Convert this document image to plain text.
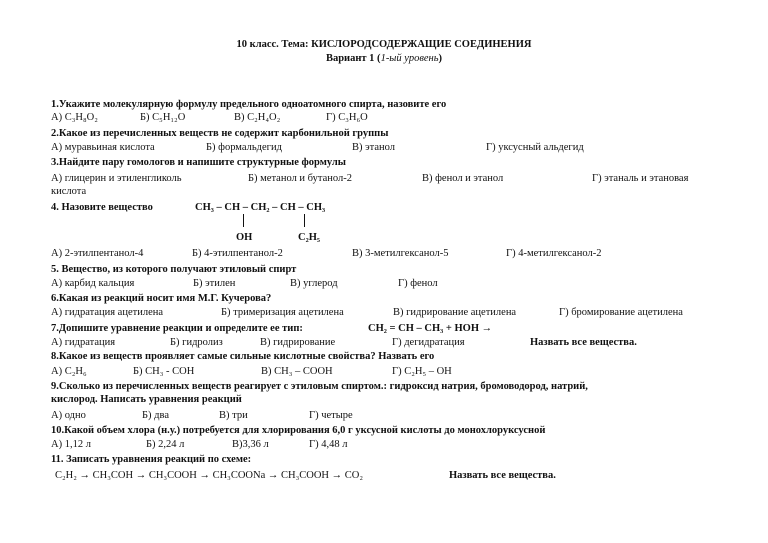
10 класс. Тема: КИСЛОРОДСОДЕРЖАЩИЕ СОЕДИНЕНИЯ
Вариант 1 (1-ый уровень)
1.Укажите молекулярную формулу предельного одноатомного спирта, назовите его
А) С₃Н₈О₂	Б) С₅Н₁₂О	В) С₂Н₄О₂	Г) С₃Н₆О
2.Какое из перечисленных веществ не содержит карбонильной группы
А) муравьиная кислота	Б) формальдегид	В) этанол	Г) уксусный альдегид
3.Найдите пару гомологов и напишите структурные формулы
А) глицерин и этиленгликоль	Б) метанол и бутанол-2	В) фенол и этанол	Г) этаналь и этановая
кислота
4. Назовите вещество	CH₃ – CH – CH₂ – CH – CH₃
OH	C₂H₅
А) 2-этилпентанол-4	Б) 4-этилпентанол-2	В) 3-метилгексанол-5	Г) 4-метилгексанол-2
5. Вещество, из которого получают этиловый спирт
А) карбид кальция	Б) этилен	В) углерод	Г) фенол
6.Какая из реакций носит имя М.Г. Кучерова?
А) гидратация ацетилена	Б) тримеризация ацетилена	В) гидрирование ацетилена	Г) бромирование ацетилена
7.Допишите уравнение реакции и определите ее тип:	CH₂ = CH – CH₃ + HOH →
А) гидратация	Б) гидролиз	В) гидрирование	Г) дегидратация	Назвать все вещества.
8.Какое из веществ проявляет самые сильные кислотные свойства? Назвать его
А) С₂Н₆	Б) СН₃ - СОН	В) СН₃ – СООН	Г) С₂Н₅ – ОН
9.Сколько из перечисленных веществ реагирует с этиловым спиртом.: гидроксид натрия, бромоводород, натрий,
кислород. Написать уравнения реакций
А) одно	Б) два	В) три	Г) четыре
10.Какой объем хлора (н.у.) потребуется для хлорирования 6,0 г уксусной кислоты до монохлоруксусной
А) 1,12 л	Б) 2,24 л	В)3,36 л	Г) 4,48 л
11. Записать уравнения реакций по схеме:
C₂H₂ → CH₃COH → CH₃COOH → CH₃COONa → CH₃COOH → CO₂	Назвать все вещества.
